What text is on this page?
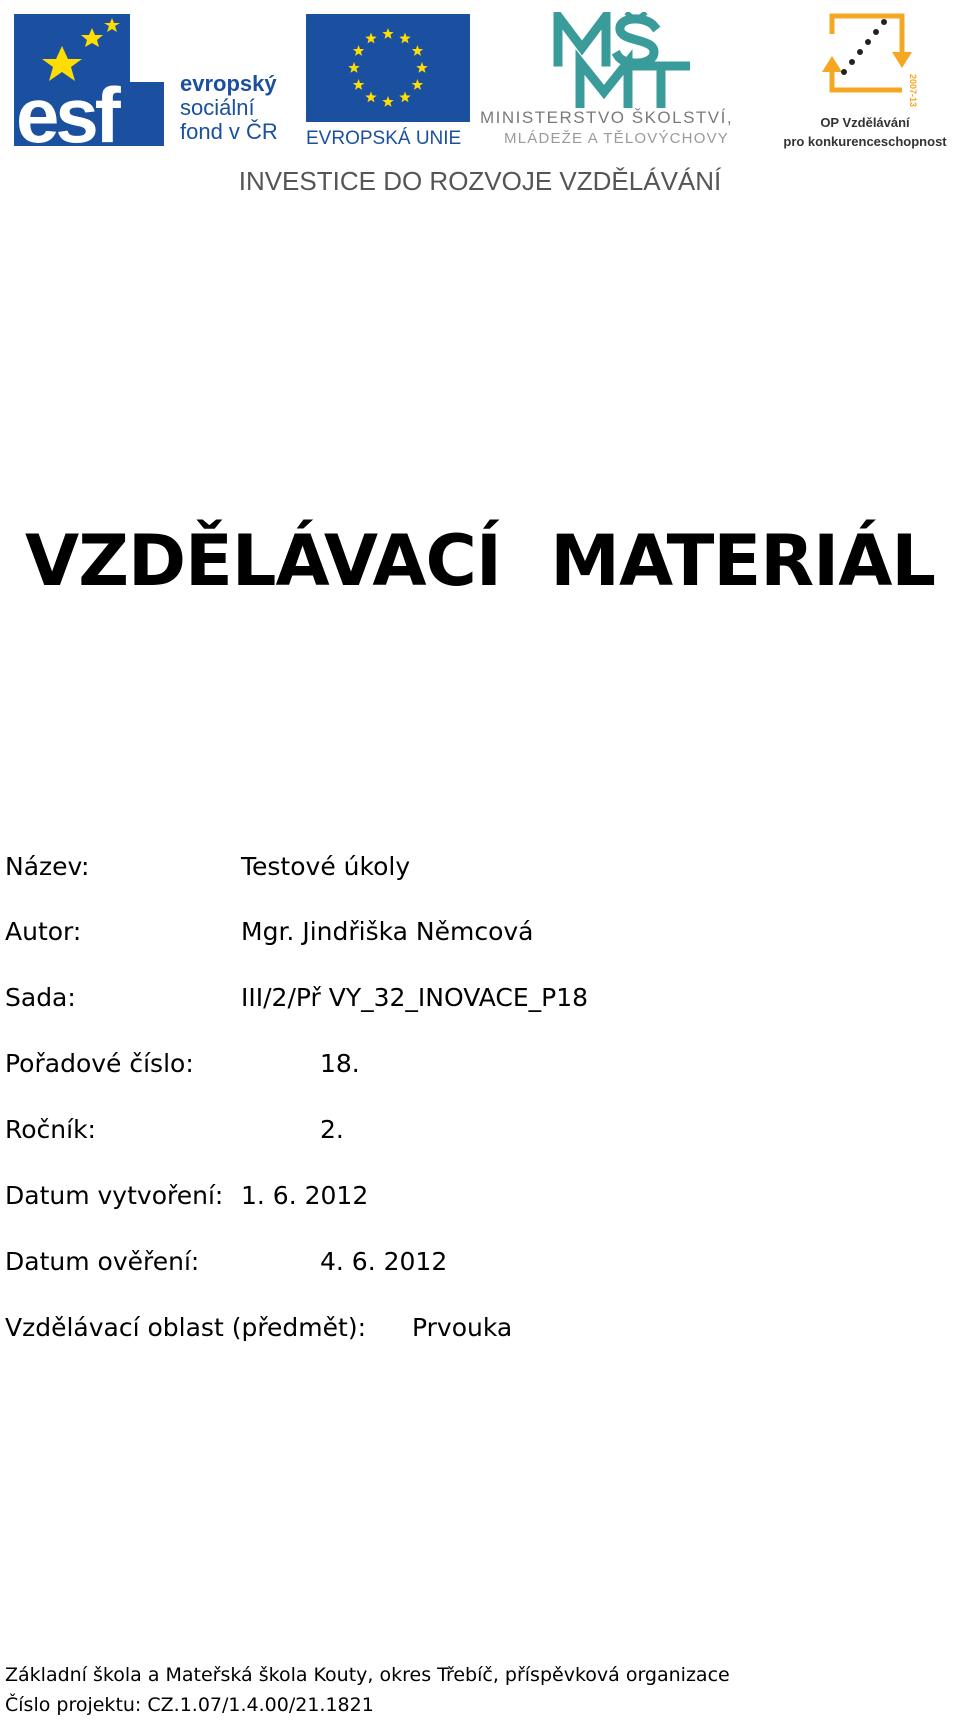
esf	evropský
sociální
fond v ČR EVROPSKÁ UNIE
MINISTERSTVO ŠKOLSTVÍ,
MLÁDEŽE A TĚLOVÝCHOVY
2007-13
OP Vzdělávání
pro konkurenceschopnost
INVESTICE DO ROZVOJE VZDĚLÁVÁNÍ
VZDĚLÁVACÍ MATERIÁL
Název:	Testové úkoly
Autor:	Mgr. Jindřiška Němcová
Sada:	III/2/Př VY_32_INOVACE_P18
Pořadové číslo:	18.
Ročník:	2.
Datum vytvoření: 1. 6. 2012
Datum ověření:	4. 6. 2012
Vzdělávací oblast (předmět): Prvouka
Základní škola a Mateřská škola Kouty, okres Třebíč, příspěvková organizace
Číslo projektu: CZ.1.07/1.4.00/21.1821
